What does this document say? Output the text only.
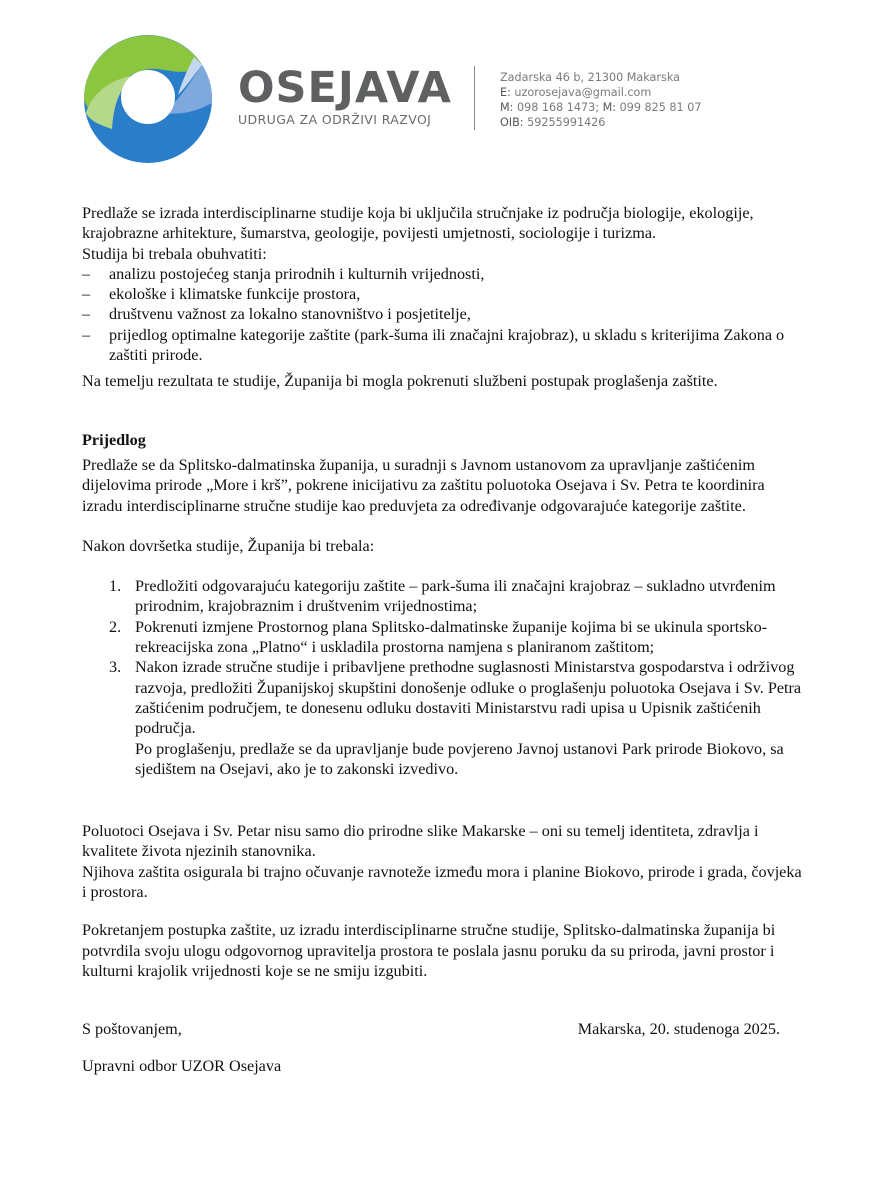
OSEJAVA
UDRUGA ZA ODRŽIVI RAZVOJ
Zadarska 46 b, 21300 Makarska
E: uzorosejava@gmail.com
M: 098 168 1473; M: 099 825 81 07
OIB: 59255991426

Predlaže se izrada interdisciplinarne studije koja bi uključila stručnjake iz područja biologije, ekologije, krajobrazne arhitekture, šumarstva, geologije, povijesti umjetnosti, sociologije i turizma.

Studija bi trebala obuhvatiti:

– analizu postojećeg stanja prirodnih i kulturnih vrijednosti,
– ekološke i klimatske funkcije prostora,
– društvenu važnost za lokalno stanovništvo i posjetitelje,
– prijedlog optimalne kategorije zaštite (park-šuma ili značajni krajobraz), u skladu s kriterijima Zakona o zaštiti prirode.

Na temelju rezultata te studije, Županija bi mogla pokrenuti službeni postupak proglašenja zaštite.

Prijedlog

Predlaže se da Splitsko-dalmatinska županija, u suradnji s Javnom ustanovom za upravljanje zaštićenim dijelovima prirode „More i krš”, pokrene inicijativu za zaštitu poluotoka Osejava i Sv. Petra te koordinira izradu interdisciplinarne stručne studije kao preduvjeta za određivanje odgovarajuće kategorije zaštite.

Nakon dovršetka studije, Županija bi trebala:

1. Predložiti odgovarajuću kategoriju zaštite – park-šuma ili značajni krajobraz – sukladno utvrđenim prirodnim, krajobraznim i društvenim vrijednostima;
2. Pokrenuti izmjene Prostornog plana Splitsko-dalmatinske županije kojima bi se ukinula sportsko-rekreacijska zona „Platno“ i uskladila prostorna namjena s planiranom zaštitom;
3. Nakon izrade stručne studije i pribavljene prethodne suglasnosti Ministarstva gospodarstva i održivog razvoja, predložiti Županijskoj skupštini donošenje odluke o proglašenju poluotoka Osejava i Sv. Petra zaštićenim područjem, te donesenu odluku dostaviti Ministarstvu radi upisa u Upisnik zaštićenih područja.
Po proglašenju, predlaže se da upravljanje bude povjereno Javnoj ustanovi Park prirode Biokovo, sa sjedištem na Osejavi, ako je to zakonski izvedivo.

Poluotoci Osejava i Sv. Petar nisu samo dio prirodne slike Makarske – oni su temelj identiteta, zdravlja i kvalitete života njezinih stanovnika.

Njihova zaštita osigurala bi trajno očuvanje ravnoteže između mora i planine Biokovo, prirode i grada, čovjeka i prostora.

Pokretanjem postupka zaštite, uz izradu interdisciplinarne stručne studije, Splitsko-dalmatinska županija bi potvrdila svoju ulogu odgovornog upravitelja prostora te poslala jasnu poruku da su priroda, javni prostor i kulturni krajolik vrijednosti koje se ne smiju izgubiti.

S poštovanjem,	Makarska, 20. studenoga 2025.

Upravni odbor UZOR Osejava
